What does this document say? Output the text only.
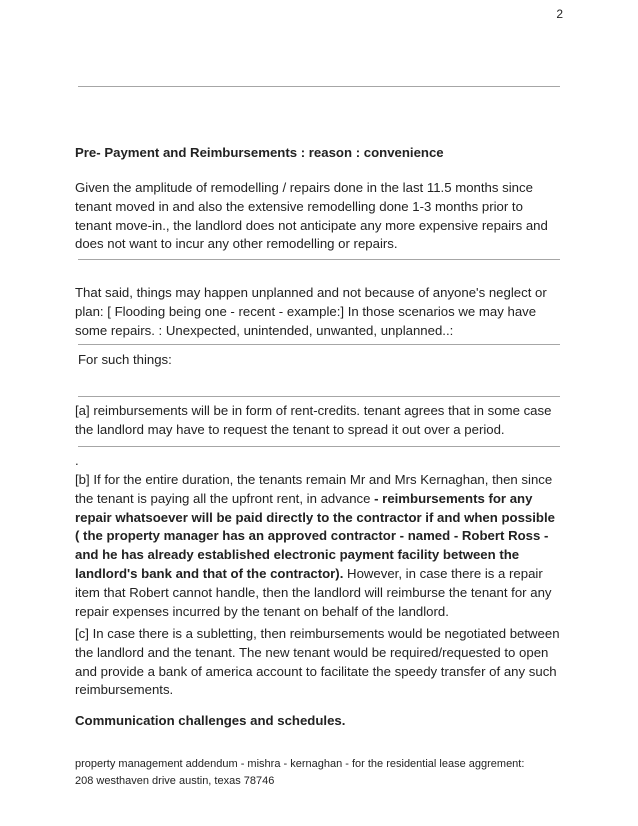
2
Pre- Payment and Reimbursements : reason : convenience
Given the amplitude of remodelling / repairs done in the last 11.5 months since tenant moved in and also the extensive remodelling done 1-3 months prior to tenant move-in., the landlord does not anticipate any more expensive repairs and does not want to incur any other remodelling or repairs.
That said, things may happen unplanned and not because of anyone's neglect or plan: [ Flooding being one - recent - example:] In those scenarios we may have some repairs. : Unexpected, unintended, unwanted, unplanned..:
For such things:
[a] reimbursements will be in form of rent-credits. tenant agrees that in some case the landlord may have to request the tenant to spread it out over a period.
.
[b] If for the entire duration, the tenants remain Mr and Mrs Kernaghan, then since the tenant is paying all the upfront rent, in advance - reimbursements for any repair whatsoever will be paid directly to the contractor if and when possible ( the property manager has an approved contractor - named - Robert Ross - and he has already established electronic payment facility between the landlord's bank and that of the contractor). However, in case there is a repair item that Robert cannot handle, then the landlord will reimburse the tenant for any repair expenses incurred by the tenant on behalf of the landlord.
[c] In case there is a subletting, then reimbursements would be negotiated between the landlord and the tenant. The new tenant would be required/requested to open and provide a bank of america account to facilitate the speedy transfer of any such reimbursements.
Communication challenges and schedules.
property management addendum - mishra - kernaghan - for the residential lease aggrement: 208 westhaven drive austin, texas 78746
